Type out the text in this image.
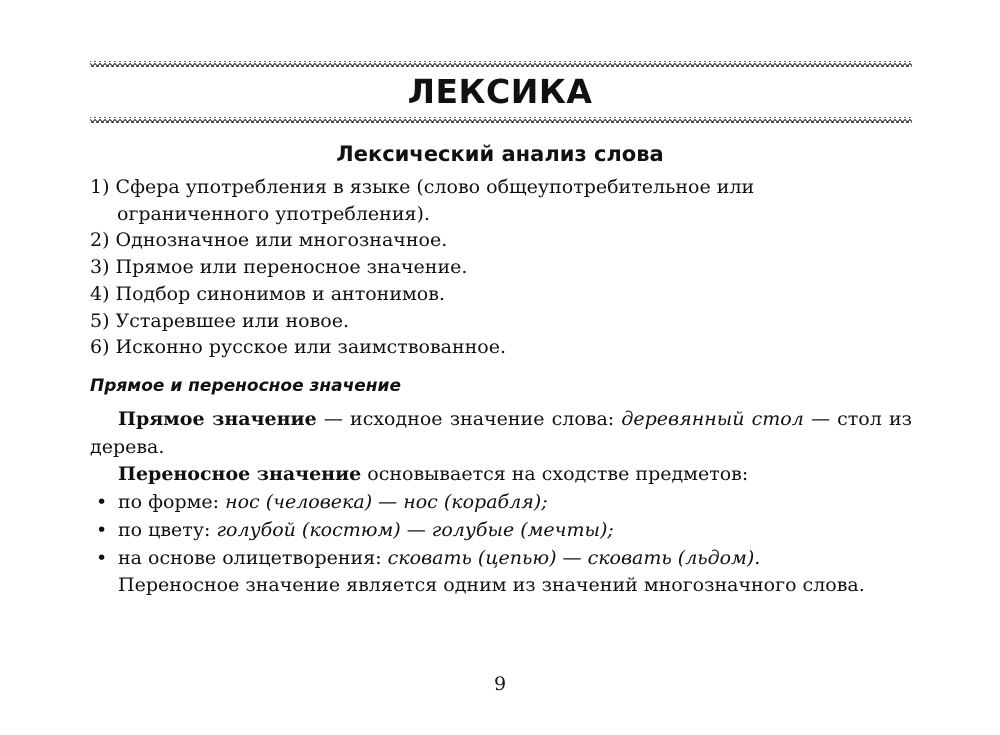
ЛЕКСИКА
Лексический анализ слова
1) Сфера употребления в языке (слово общеупотребительное или ограниченного употребления).
2) Однозначное или многозначное.
3) Прямое или переносное значение.
4) Подбор синонимов и антонимов.
5) Устаревшее или новое.
6) Исконно русское или заимствованное.
Прямое и переносное значение

Прямое значение — исходное значение слова: деревянный стол — стол из дерева.

Переносное значение основывается на сходстве предметов:

• по форме: нос (человека) — нос (корабля);
• по цвету: голубой (костюм) — голубые (мечты);
• на основе олицетворения: сковать (цепью) — сковать (льдом).

Переносное значение является одним из значений многозначного слова.

9
